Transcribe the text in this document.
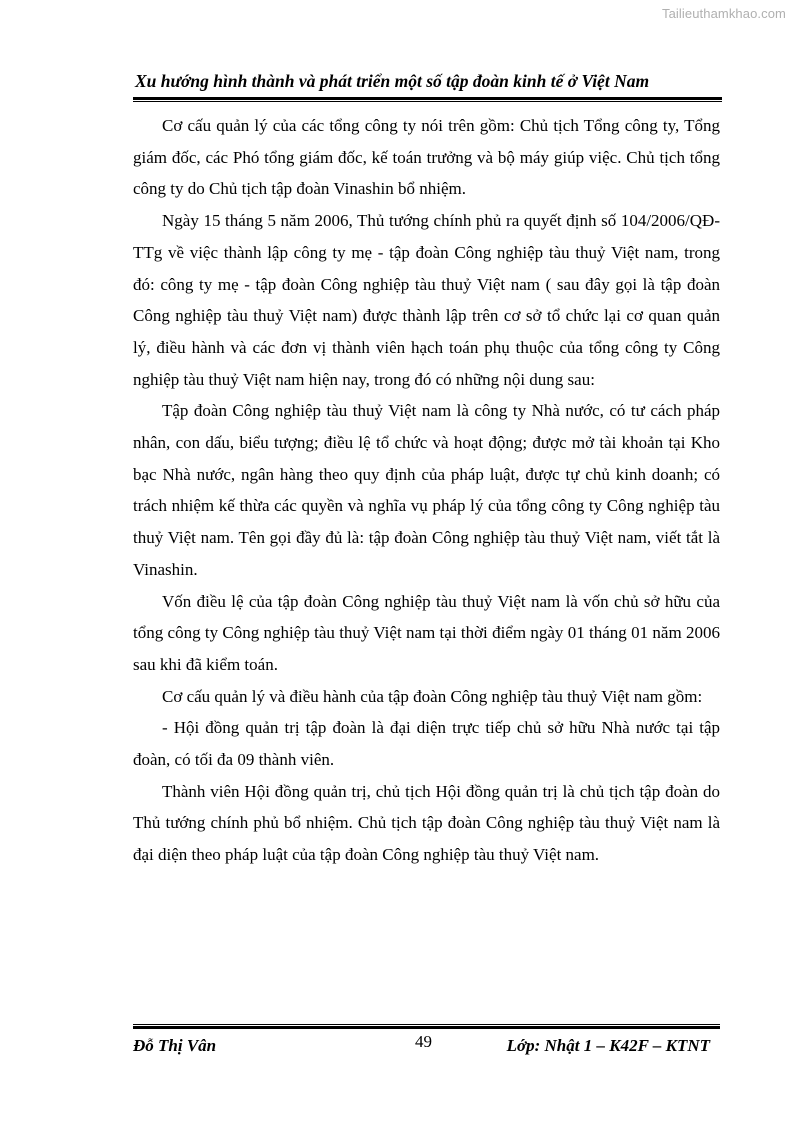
Tailieuthamkhao.com
Xu hướng hình thành và phát triển một số tập đoàn kinh tế ở Việt Nam

Cơ cấu quản lý của các tổng công ty nói trên gồm: Chủ tịch Tổng công ty, Tổng giám đốc, các Phó tổng giám đốc, kế toán trưởng và bộ máy giúp việc. Chủ tịch tổng công ty do Chủ tịch tập đoàn Vinashin bổ nhiệm.

Ngày 15 tháng 5 năm 2006, Thủ tướng chính phủ ra quyết định số 104/2006/QĐ-TTg về việc thành lập công ty mẹ - tập đoàn Công nghiệp tàu thuỷ Việt nam, trong đó: công ty mẹ - tập đoàn Công nghiệp tàu thuỷ Việt nam ( sau đây gọi là tập đoàn Công nghiệp tàu thuỷ Việt nam) được thành lập trên cơ sở tổ chức lại cơ quan quản lý, điều hành và các đơn vị thành viên hạch toán phụ thuộc của tổng công ty Công nghiệp tàu thuỷ Việt nam hiện nay, trong đó có những nội dung sau:

Tập đoàn Công nghiệp tàu thuỷ Việt nam là công ty Nhà nước, có tư cách pháp nhân, con dấu, biểu tượng; điều lệ tổ chức và hoạt động; được mở tài khoản tại Kho bạc Nhà nước, ngân hàng theo quy định của pháp luật, được tự chủ kinh doanh; có trách nhiệm kế thừa các quyền và nghĩa vụ pháp lý của tổng công ty Công nghiệp tàu thuỷ Việt nam. Tên gọi đầy đủ là: tập đoàn Công nghiệp tàu thuỷ Việt nam, viết tắt là Vinashin.

Vốn điều lệ của tập đoàn Công nghiệp tàu thuỷ Việt nam là vốn chủ sở hữu của tổng công ty Công nghiệp tàu thuỷ Việt nam tại thời điểm ngày 01 tháng 01 năm 2006 sau khi đã kiểm toán.

Cơ cấu quản lý và điều hành của tập đoàn Công nghiệp tàu thuỷ Việt nam gồm:

- Hội đồng quản trị tập đoàn là đại diện trực tiếp chủ sở hữu Nhà nước tại tập đoàn, có tối đa 09 thành viên.

Thành viên Hội đồng quản trị, chủ tịch Hội đồng quản trị là chủ tịch tập đoàn do Thủ tướng chính phủ bổ nhiệm. Chủ tịch tập đoàn Công nghiệp tàu thuỷ Việt nam là đại diện theo pháp luật của tập đoàn Công nghiệp tàu thuỷ Việt nam.

Đỗ Thị Vân	49	Lớp: Nhật 1 – K42F – KTNT
